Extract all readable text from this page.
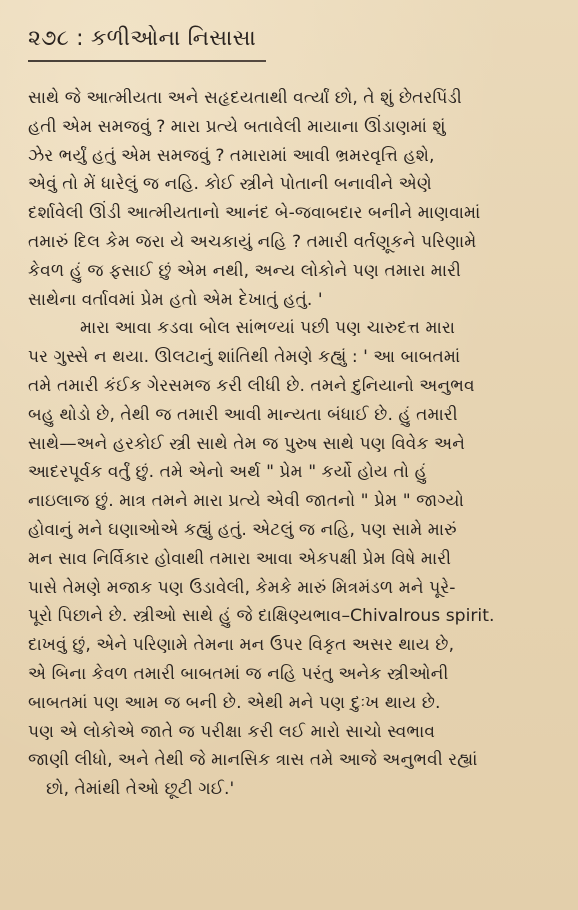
૨૭૮ : કળીઓના નિસાસા
સાથે જે આત્મીયતા અને સહૃદયતાથી વર્ત્યાં છો, તે શું છેતરપિંડી
હતી એમ સમજવું ? મારા પ્રત્યે બતાવેલી માયાના ઊંડાણમાં શું
ઝેર ભર્યું હતું એમ સમજવું ? તમારામાં આવી ભ્રમરવૃત્તિ હશે,
એવું તો મેં ધારેલું જ નહિ. કોઈ સ્ત્રીને પોતાની બનાવીને એણે
દર્શાવેલી ઊંડી આત્મીયતાનો આનંદ બે-જવાબદાર બનીને માણવામાં
તમારું દિલ કેમ જરા યે અચકાયું નહિ ? તમારી વર્તણૂકને પરિણામે
કેવળ હું જ ફસાઈ છું એમ નથી, અન્ય લોકોને પણ તમારા મારી
સાથેના વર્તાવમાં પ્રેમ હતો એમ દેખાતું હતું. '
મારા આવા કડવા બોલ સાંભળ્યાં પછી પણ ચારુદત્ત મારા
પર ગુસ્સે ન થયા. ઊલટાનું શાંતિથી તેમણે કહ્યું : ' આ બાબતમાં
તમે તમારી કંઈક ગેરસમજ કરી લીધી છે. તમને દુનિયાનો અનુભવ
બહુ થોડો છે, તેથી જ તમારી આવી માન્યતા બંધાઈ છે. હું તમારી
સાથે—અને હરકોઈ સ્ત્રી સાથે તેમ જ પુરુષ સાથે પણ વિવેક અને
આદરપૂર્વક વર્તું છું. તમે એનો અર્થ " પ્રેમ " કર્યો હોય તો હું
નાઇલાજ છું. માત્ર તમને મારા પ્રત્યે એવી જાતનો " પ્રેમ " જાગ્યો
હોવાનું મને ઘણાઓએ કહ્યું હતું. એટલું જ નહિ, પણ સામે મારું
મન સાવ નિર્વિકાર હોવાથી તમારા આવા એકપક્ષી પ્રેમ વિષે મારી
પાસે તેમણે મજાક પણ ઉડાવેલી, કેમકે મારું મિત્રમંડળ મને પૂરે-
પૂરો પિછાને છે. સ્ત્રીઓ સાથે હું જે દાક્ષિણ્યભાવ–Chivalrous spirit.
દાખવું છું, એને પરિણામે તેમના મન ઉપર વિકૃત અસર થાય છે,
એ બિના કેવળ તમારી બાબતમાં જ નહિ પરંતુ અનેક સ્ત્રીઓની
બાબતમાં પણ આમ જ બની છે. એથી મને પણ દુઃખ થાય છે.
પણ એ લોકોએ જાતે જ પરીક્ષા કરી લઈ મારો સાચો સ્વભાવ
જાણી લીધો, અને તેથી જે માનસિક ત્રાસ તમે આજે અનુભવી રહ્યાં
છો, તેમાંથી તેઓ છૂટી ગઈ.'
